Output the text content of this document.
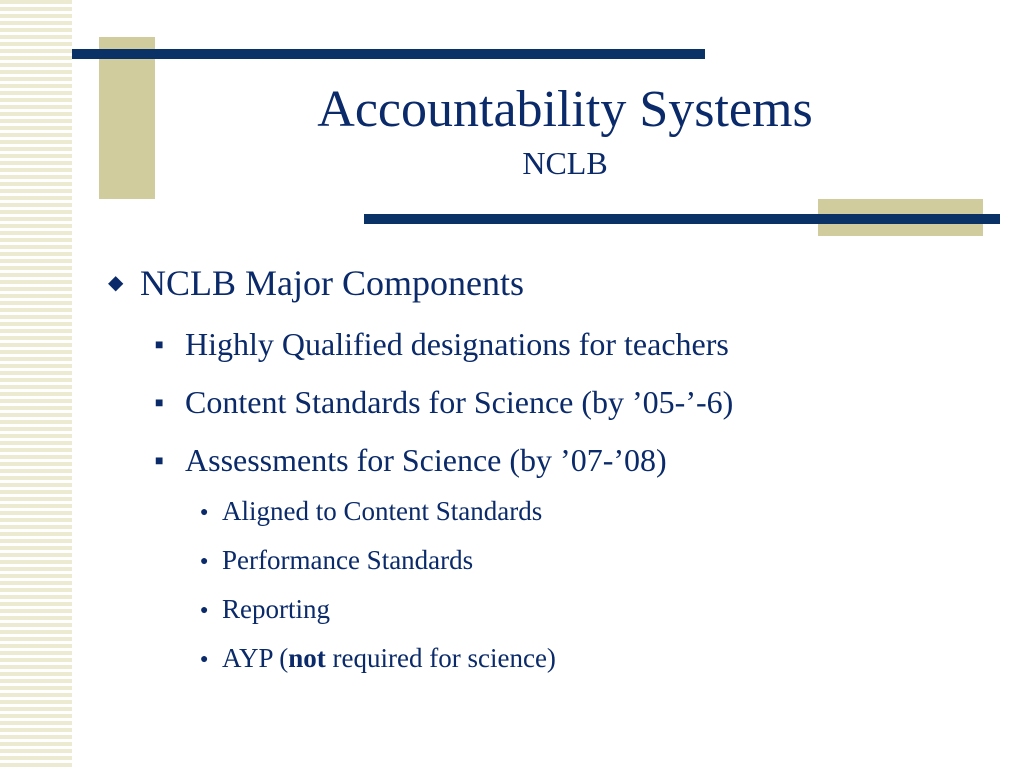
Accountability Systems
NCLB
◆ NCLB Major Components
■ Highly Qualified designations for teachers
■ Content Standards for Science (by ’05-’-6)
■ Assessments for Science (by ’07-’08)
● Aligned to Content Standards
● Performance Standards
● Reporting
● AYP (not required for science)
